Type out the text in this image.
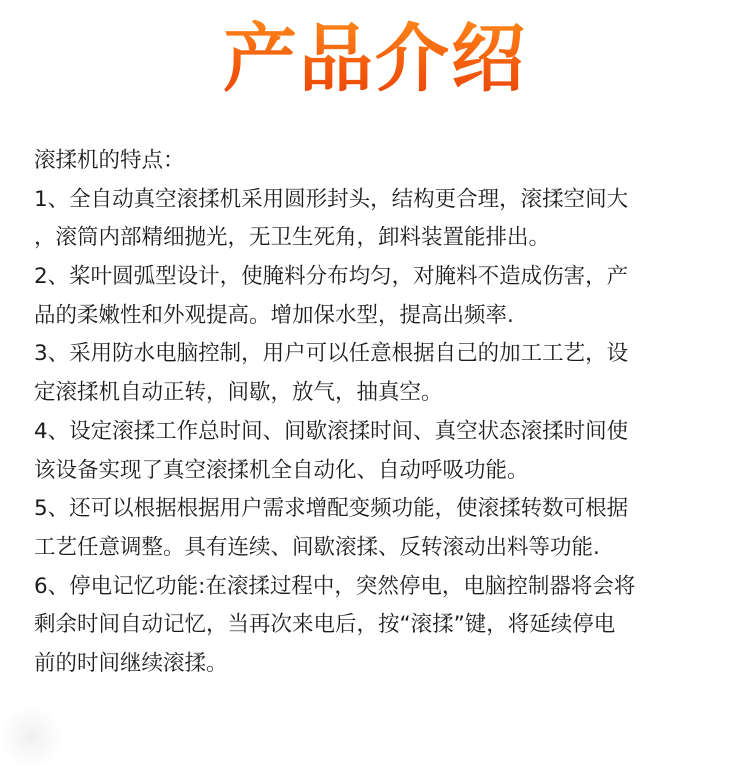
产品介绍
滚揉机的特点：
1、全自动真空滚揉机采用圆形封头，结构更合理，滚揉空间大
，滚筒内部精细抛光，无卫生死角，卸料装置能排出。
2、桨叶圆弧型设计，使腌料分布均匀，对腌料不造成伤害，产
品的柔嫩性和外观提高。增加保水型，提高出频率.
3、采用防水电脑控制，用户可以任意根据自己的加工工艺，设
定滚揉机自动正转，间歇，放气，抽真空。
4、设定滚揉工作总时间、间歇滚揉时间、真空状态滚揉时间使
该设备实现了真空滚揉机全自动化、自动呼吸功能。
5、还可以根据根据用户需求增配变频功能，使滚揉转数可根据
工艺任意调整。具有连续、间歇滚揉、反转滚动出料等功能.
6、停电记忆功能:在滚揉过程中，突然停电，电脑控制器将会将
剩余时间自动记忆，当再次来电后，按“滚揉”键，将延续停电
前的时间继续滚揉。
